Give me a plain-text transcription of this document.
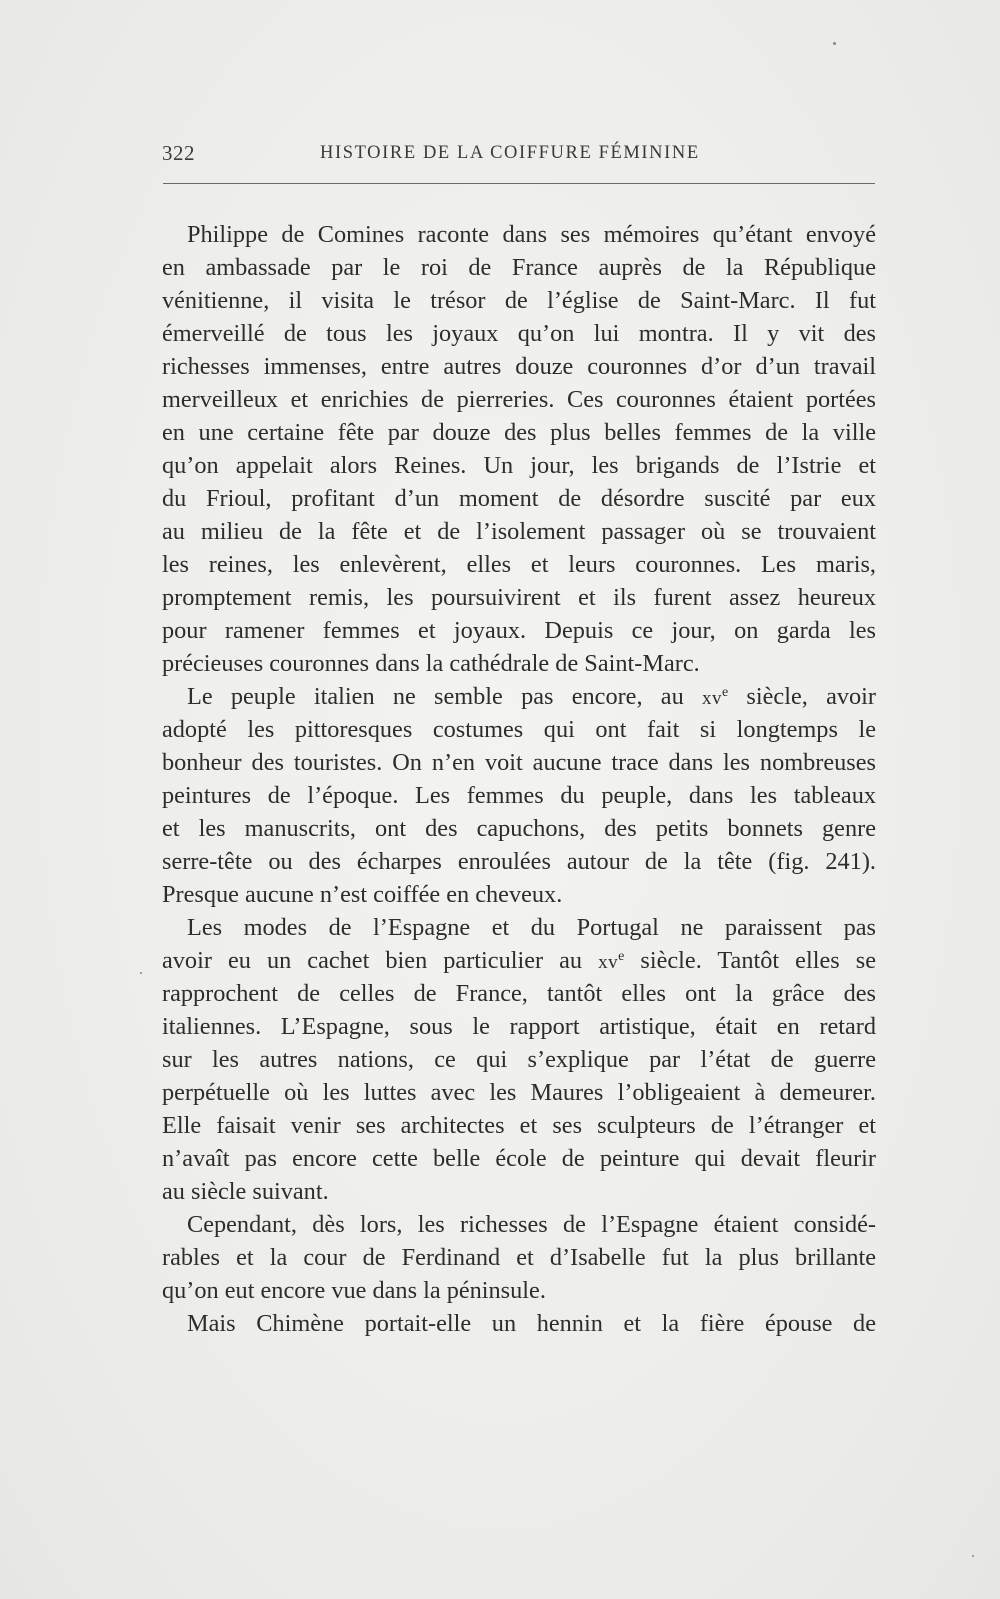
322	HISTOIRE DE LA COIFFURE FÉMININE
Philippe de Comines raconte dans ses mémoires qu’étant envoyé
en ambassade par le roi de France auprès de la République
vénitienne, il visita le trésor de l’église de Saint-Marc. Il fut
émerveillé de tous les joyaux qu’on lui montra. Il y vit des
richesses immenses, entre autres douze couronnes d’or d’un travail
merveilleux et enrichies de pierreries. Ces couronnes étaient portées
en une certaine fête par douze des plus belles femmes de la ville
qu’on appelait alors Reines. Un jour, les brigands de l’Istrie et
du Frioul, profitant d’un moment de désordre suscité par eux
au milieu de la fête et de l’isolement passager où se trouvaient
les reines, les enlevèrent, elles et leurs couronnes. Les maris,
promptement remis, les poursuivirent et ils furent assez heureux
pour ramener femmes et joyaux. Depuis ce jour, on garda les
précieuses couronnes dans la cathédrale de Saint-Marc.
Le peuple italien ne semble pas encore, au $xv^e$ siècle, avoir
adopté les pittoresques costumes qui ont fait si longtemps le
bonheur des touristes. On n’en voit aucune trace dans les nombreuses
peintures de l’époque. Les femmes du peuple, dans les tableaux
et les manuscrits, ont des capuchons, des petits bonnets genre
serre-tête ou des écharpes enroulées autour de la tête (fig. 241).
Presque aucune n’est coiffée en cheveux.
Les modes de l’Espagne et du Portugal ne paraissent pas
avoir eu un cachet bien particulier au $xv^e$ siècle. Tantôt elles se
rapprochent de celles de France, tantôt elles ont la grâce des
italiennes. L’Espagne, sous le rapport artistique, était en retard
sur les autres nations, ce qui s’explique par l’état de guerre
perpétuelle où les luttes avec les Maures l’obligeaient à demeurer.
Elle faisait venir ses architectes et ses sculpteurs de l’étranger et
n’avaît pas encore cette belle école de peinture qui devait fleurir
au siècle suivant.
Cependant, dès lors, les richesses de l’Espagne étaient considé-
rables et la cour de Ferdinand et d’Isabelle fut la plus brillante
qu’on eut encore vue dans la péninsule.
Mais Chimène portait-elle un hennin et la fière épouse de
